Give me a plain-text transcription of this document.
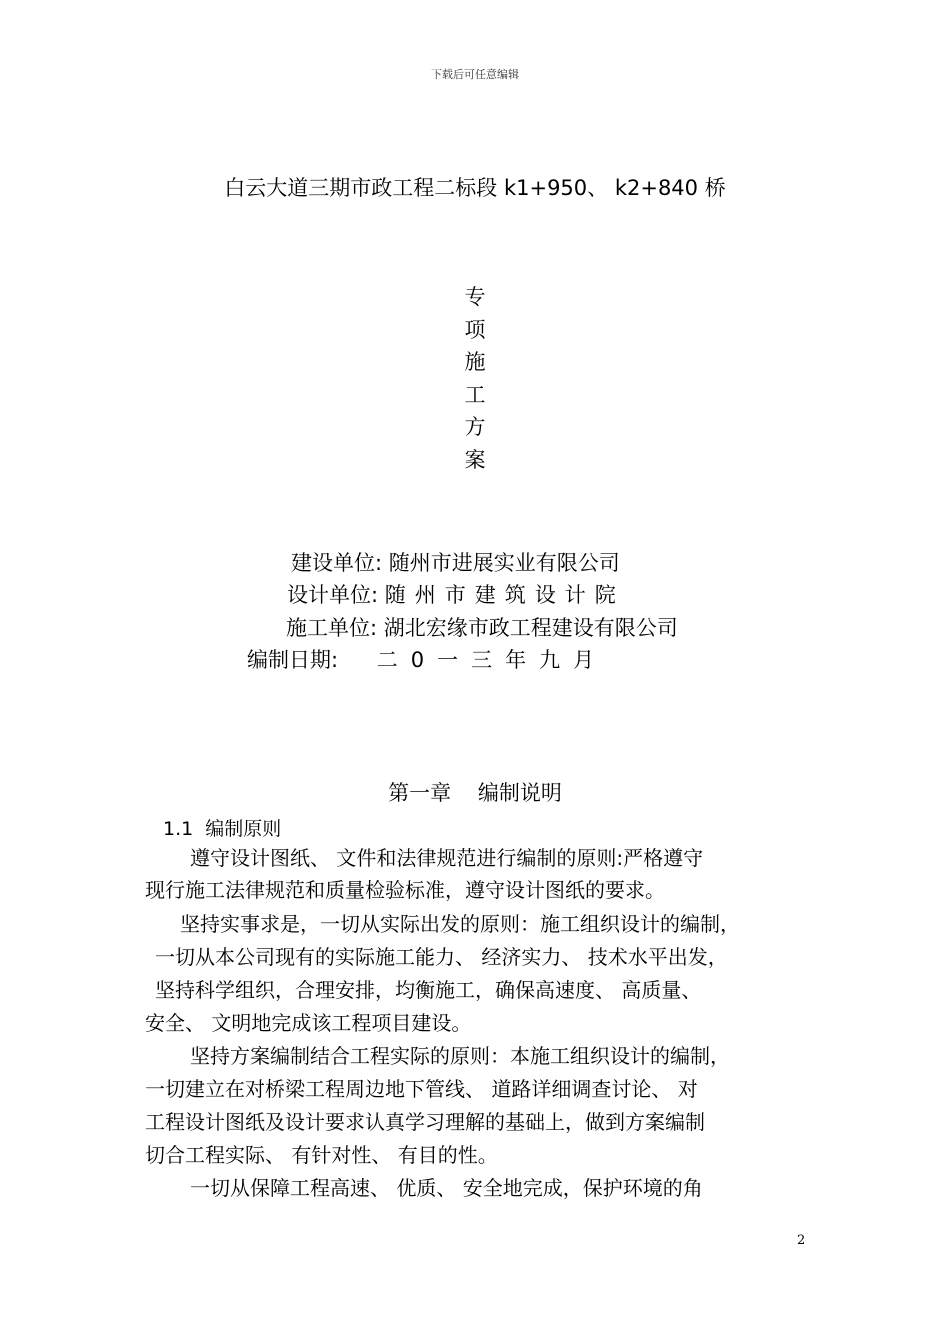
下载后可任意编辑
白云大道三期市政工程二标段 k1+950、 k2+840 桥
专
项
施
工
方
案
建设单位: 随州市进展实业有限公司
设计单位: 随州市建筑设计院
施工单位: 湖北宏缘市政工程建设有限公司
编制日期: 二0一三年九月
第一章    编制说明
1.1  编制原则
遵守设计图纸、 文件和法律规范进行编制的原则:严格遵守
现行施工法律规范和质量检验标准，遵守设计图纸的要求。
坚持实事求是，一切从实际出发的原则：施工组织设计的编制，
一切从本公司现有的实际施工能力、 经济实力、 技术水平出发，
坚持科学组织，合理安排，均衡施工，确保高速度、 高质量、
安全、 文明地完成该工程项目建设。
坚持方案编制结合工程实际的原则：本施工组织设计的编制，
一切建立在对桥梁工程周边地下管线、 道路详细调查讨论、 对
工程设计图纸及设计要求认真学习理解的基础上，做到方案编制
切合工程实际、 有针对性、 有目的性。
一切从保障工程高速、 优质、 安全地完成，保护环境的角
2
